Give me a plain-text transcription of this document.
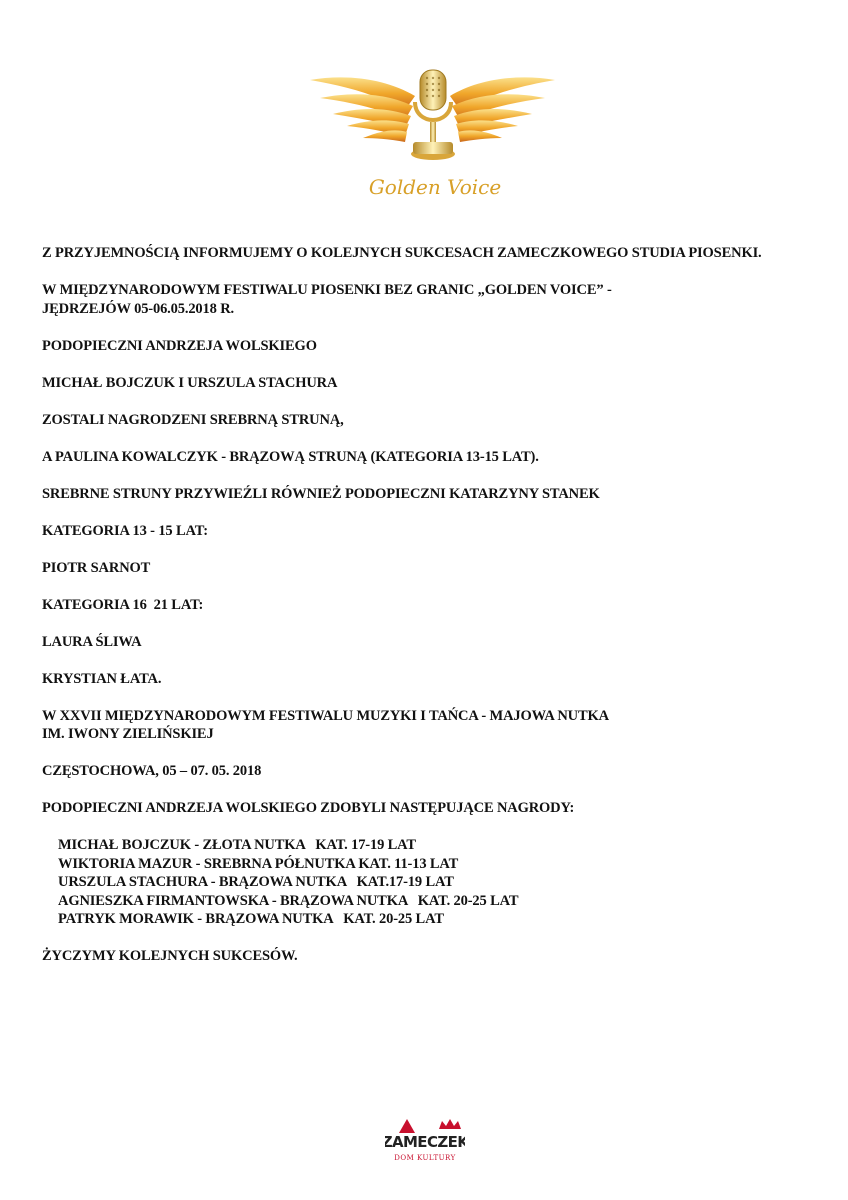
Golden Voice

Z PRZYJEMNOŚCIĄ INFORMUJEMY O KOLEJNYCH SUKCESACH ZAMECZKOWEGO STUDIA PIOSENKI.

W MIĘDZYNARODOWYM FESTIWALU PIOSENKI BEZ GRANIC „GOLDEN VOICE” -

JĘDRZEJÓW 05-06.05.2018 R.

PODOPIECZNI ANDRZEJA WOLSKIEGO

MICHAŁ BOJCZUK I URSZULA STACHURA

ZOSTALI NAGRODZENI SREBRNĄ STRUNĄ,

A PAULINA KOWALCZYK - BRĄZOWĄ STRUNĄ (KATEGORIA 13-15 LAT).

SREBRNE STRUNY PRZYWIEŹLI RÓWNIEŻ PODOPIECZNI KATARZYNY STANEK

KATEGORIA 13 - 15 LAT:

PIOTR SARNOT

KATEGORIA 16  21 LAT:

LAURA ŚLIWA

KRYSTIAN ŁATA.

W XXVII MIĘDZYNARODOWYM FESTIWALU MUZYKI I TAŃCA - MAJOWA NUTKA

IM. IWONY ZIELIŃSKIEJ

CZĘSTOCHOWA, 05 – 07. 05. 2018

PODOPIECZNI ANDRZEJA WOLSKIEGO ZDOBYLI NASTĘPUJĄCE NAGRODY:

MICHAŁ BOJCZUK - ZŁOTA NUTKA   KAT. 17-19 LAT

WIKTORIA MAZUR - SREBRNA PÓŁNUTKA KAT. 11-13 LAT

URSZULA STACHURA - BRĄZOWA NUTKA   KAT.17-19 LAT

AGNIESZKA FIRMANTOWSKA - BRĄZOWA NUTKA   KAT. 20-25 LAT

PATRYK MORAWIK - BRĄZOWA NUTKA   KAT. 20-25 LAT

ŻYCZYMY KOLEJNYCH SUKCESÓW.

ZAMECZEK
DOM KULTURY
